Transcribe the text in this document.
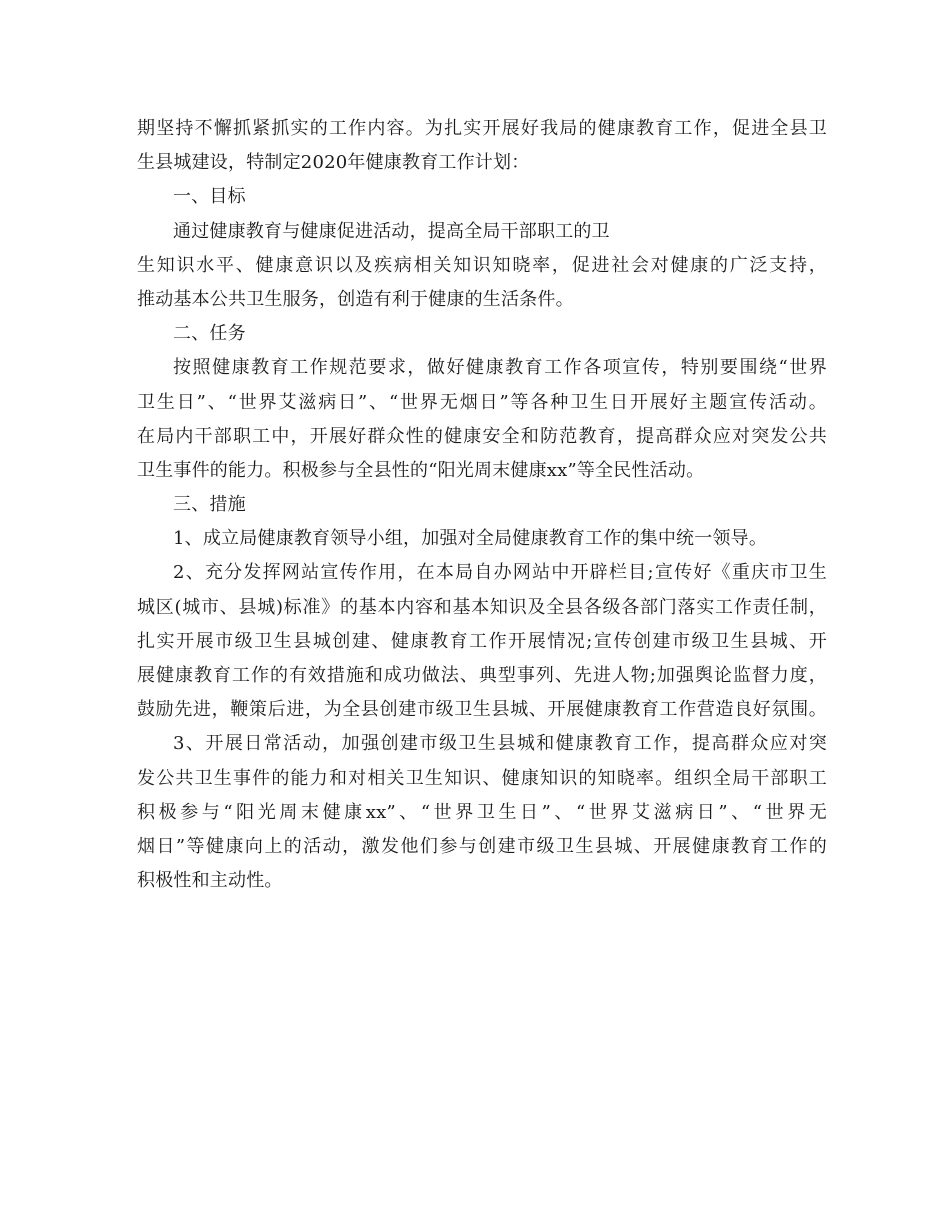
期坚持不懈抓紧抓实的工作内容。为扎实开展好我局的健康教育工作，促进全县卫
生县城建设，特制定2020年健康教育工作计划：
一、目标
通过健康教育与健康促进活动，提高全局干部职工的卫
生知识水平、健康意识以及疾病相关知识知晓率，促进社会对健康的广泛支持，
推动基本公共卫生服务，创造有利于健康的生活条件。
二、任务
按照健康教育工作规范要求，做好健康教育工作各项宣传，特别要围绕“世界
卫生日”、“世界艾滋病日”、“世界无烟日”等各种卫生日开展好主题宣传活动。
在局内干部职工中，开展好群众性的健康安全和防范教育，提高群众应对突发公共
卫生事件的能力。积极参与全县性的“阳光周末健康xx”等全民性活动。
三、措施
1、成立局健康教育领导小组，加强对全局健康教育工作的集中统一领导。
2、充分发挥网站宣传作用，在本局自办网站中开辟栏目;宣传好《重庆市卫生
城区(城市、县城)标准》的基本内容和基本知识及全县各级各部门落实工作责任制，
扎实开展市级卫生县城创建、健康教育工作开展情况;宣传创建市级卫生县城、开
展健康教育工作的有效措施和成功做法、典型事列、先进人物;加强舆论监督力度，
鼓励先进，鞭策后进，为全县创建市级卫生县城、开展健康教育工作营造良好氛围。
3、开展日常活动，加强创建市级卫生县城和健康教育工作，提高群众应对突
发公共卫生事件的能力和对相关卫生知识、健康知识的知晓率。组织全局干部职工
积极参与“阳光周末健康xx”、“世界卫生日”、“世界艾滋病日”、“世界无
烟日”等健康向上的活动，激发他们参与创建市级卫生县城、开展健康教育工作的
积极性和主动性。
